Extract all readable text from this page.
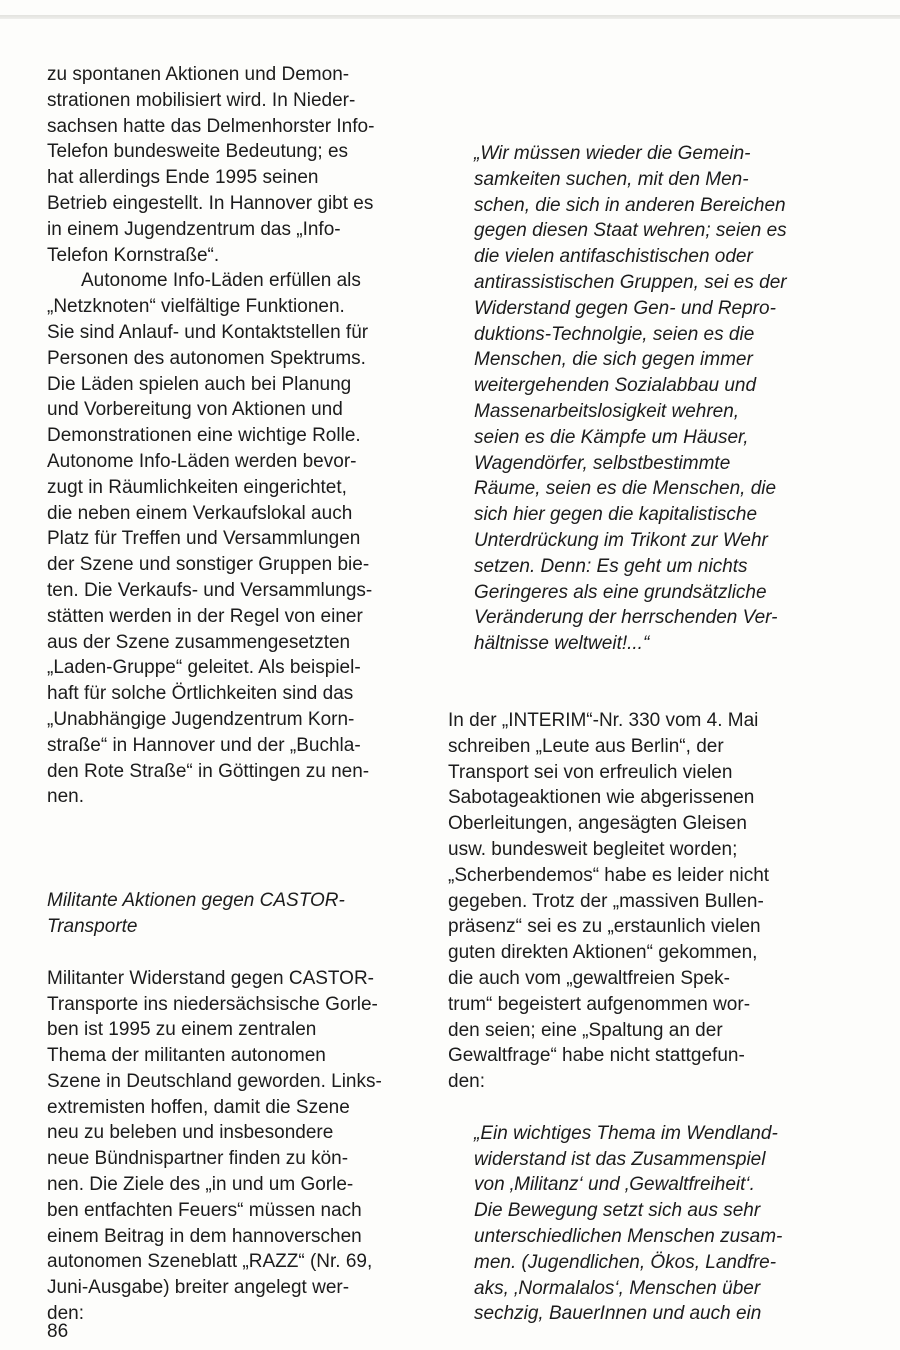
zu spontanen Aktionen und Demon-
strationen mobilisiert wird. In Nieder-
sachsen hatte das Delmenhorster Info-
Telefon bundesweite Bedeutung; es
hat allerdings Ende 1995 seinen
Betrieb eingestellt. In Hannover gibt es
in einem Jugendzentrum das „Info-
Telefon Kornstraße“.

Autonome Info-Läden erfüllen als
„Netzknoten“ vielfältige Funktionen.
Sie sind Anlauf- und Kontaktstellen für
Personen des autonomen Spektrums.
Die Läden spielen auch bei Planung
und Vorbereitung von Aktionen und
Demonstrationen eine wichtige Rolle.
Autonome Info-Läden werden bevor-
zugt in Räumlichkeiten eingerichtet,
die neben einem Verkaufslokal auch
Platz für Treffen und Versammlungen
der Szene und sonstiger Gruppen bie-
ten. Die Verkaufs- und Versammlungs-
stätten werden in der Regel von einer
aus der Szene zusammengesetzten
„Laden-Gruppe“ geleitet. Als beispiel-
haft für solche Örtlichkeiten sind das
„Unabhängige Jugendzentrum Korn-
straße“ in Hannover und der „Buchla-
den Rote Straße“ in Göttingen zu nen-
nen.

Militante Aktionen gegen CASTOR-
Transporte

Militanter Widerstand gegen CASTOR-
Transporte ins niedersächsische Gorle-
ben ist 1995 zu einem zentralen
Thema der militanten autonomen
Szene in Deutschland geworden. Links-
extremisten hoffen, damit die Szene
neu zu beleben und insbesondere
neue Bündnispartner finden zu kön-
nen. Die Ziele des „in und um Gorle-
ben entfachten Feuers“ müssen nach
einem Beitrag in dem hannoverschen
autonomen Szeneblatt „RAZZ“ (Nr. 69,
Juni-Ausgabe) breiter angelegt wer-
den:

„Wir müssen wieder die Gemein-
samkeiten suchen, mit den Men-
schen, die sich in anderen Bereichen
gegen diesen Staat wehren; seien es
die vielen antifaschistischen oder
antirassistischen Gruppen, sei es der
Widerstand gegen Gen- und Repro-
duktions-Technolgie, seien es die
Menschen, die sich gegen immer
weitergehenden Sozialabbau und
Massenarbeitslosigkeit wehren,
seien es die Kämpfe um Häuser,
Wagendörfer, selbstbestimmte
Räume, seien es die Menschen, die
sich hier gegen die kapitalistische
Unterdrückung im Trikont zur Wehr
setzen. Denn: Es geht um nichts
Geringeres als eine grundsätzliche
Veränderung der herrschenden Ver-
hältnisse weltweit!...“

In der „INTERIM“-Nr. 330 vom 4. Mai
schreiben „Leute aus Berlin“, der
Transport sei von erfreulich vielen
Sabotageaktionen wie abgerissenen
Oberleitungen, angesägten Gleisen
usw. bundesweit begleitet worden;
„Scherbendemos“ habe es leider nicht
gegeben. Trotz der „massiven Bullen-
präsenz“ sei es zu „erstaunlich vielen
guten direkten Aktionen“ gekommen,
die auch vom „gewaltfreien Spek-
trum“ begeistert aufgenommen wor-
den seien; eine „Spaltung an der
Gewaltfrage“ habe nicht stattgefun-
den:

„Ein wichtiges Thema im Wendland-
widerstand ist das Zusammenspiel
von ‚Militanz‘ und ‚Gewaltfreiheit‘.
Die Bewegung setzt sich aus sehr
unterschiedlichen Menschen zusam-
men. (Jugendlichen, Ökos, Landfre-
aks, ‚Normalalos‘, Menschen über
sechzig, BauerInnen und auch ein

86
